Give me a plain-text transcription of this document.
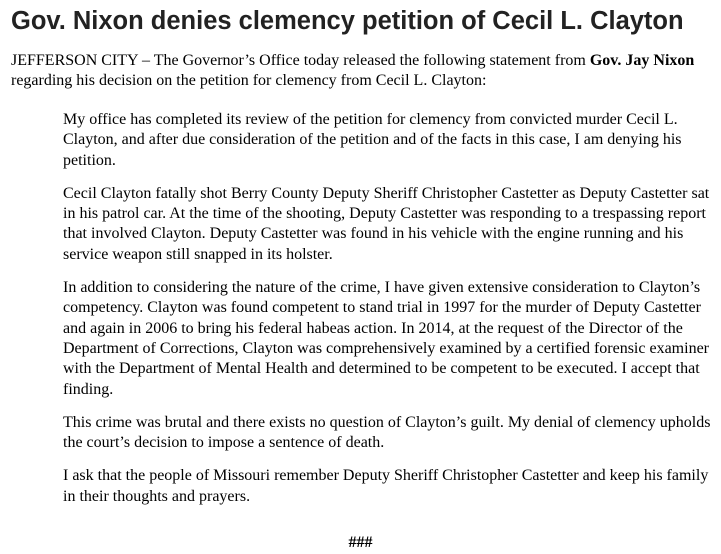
Gov. Nixon denies clemency petition of Cecil L. Clayton

JEFFERSON CITY – The Governor’s Office today released the following statement from Gov. Jay Nixon regarding his decision on the petition for clemency from Cecil L. Clayton:

My office has completed its review of the petition for clemency from convicted murder Cecil L. Clayton, and after due consideration of the petition and of the facts in this case, I am denying his petition.

Cecil Clayton fatally shot Berry County Deputy Sheriff Christopher Castetter as Deputy Castetter sat in his patrol car. At the time of the shooting, Deputy Castetter was responding to a trespassing report that involved Clayton. Deputy Castetter was found in his vehicle with the engine running and his service weapon still snapped in its holster.

In addition to considering the nature of the crime, I have given extensive consideration to Clayton’s competency. Clayton was found competent to stand trial in 1997 for the murder of Deputy Castetter and again in 2006 to bring his federal habeas action. In 2014, at the request of the Director of the Department of Corrections, Clayton was comprehensively examined by a certified forensic examiner with the Department of Mental Health and determined to be competent to be executed. I accept that finding.

This crime was brutal and there exists no question of Clayton’s guilt. My denial of clemency upholds the court’s decision to impose a sentence of death.

I ask that the people of Missouri remember Deputy Sheriff Christopher Castetter and keep his family in their thoughts and prayers.

###
